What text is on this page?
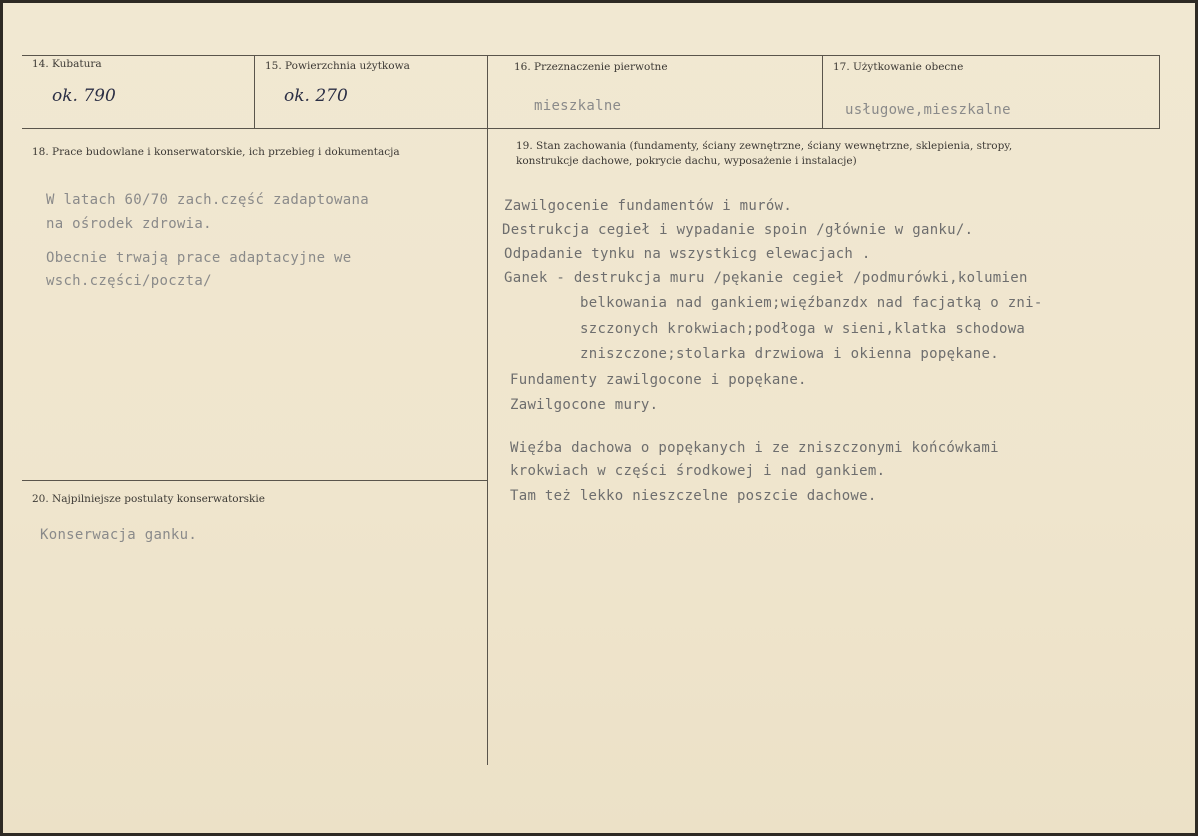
14. Kubatura
ok. 790
15. Powierzchnia użytkowa
ok. 270
16. Przeznaczenie pierwotne
mieszkalne
17. Użytkowanie obecne
usługowe,mieszkalne
18. Prace budowlane i konserwatorskie, ich przebieg i dokumentacja
W latach 60/70 zach.część zadaptowana
na ośrodek zdrowia.
Obecnie trwają prace adaptacyjne we
wsch.części/poczta/
19. Stan zachowania (fundamenty, ściany zewnętrzne, ściany wewnętrzne, sklepienia, stropy,
konstrukcje dachowe, pokrycie dachu, wyposażenie i instalacje)
Zawilgocenie fundamentów i murów.
Destrukcja cegieł i wypadanie spoin /głównie w ganku/.
Odpadanie tynku na wszystkicg elewacjach .
Ganek - destrukcja muru /pękanie cegieł /podmurówki,kolumien
belkowania nad gankiem;więźbanzdx nad facjatką o zni-
szczonych krokwiach;podłoga w sieni,klatka schodowa
zniszczone;stolarka drzwiowa i okienna popękane.
Fundamenty zawilgocone i popękane.
Zawilgocone mury.
Więźba dachowa o popękanych i ze zniszczonymi końcówkami
krokwiach w części środkowej i nad gankiem.
Tam też lekko nieszczelne poszcie dachowe.
20. Najpilniejsze postulaty konserwatorskie
Konserwacja ganku.
